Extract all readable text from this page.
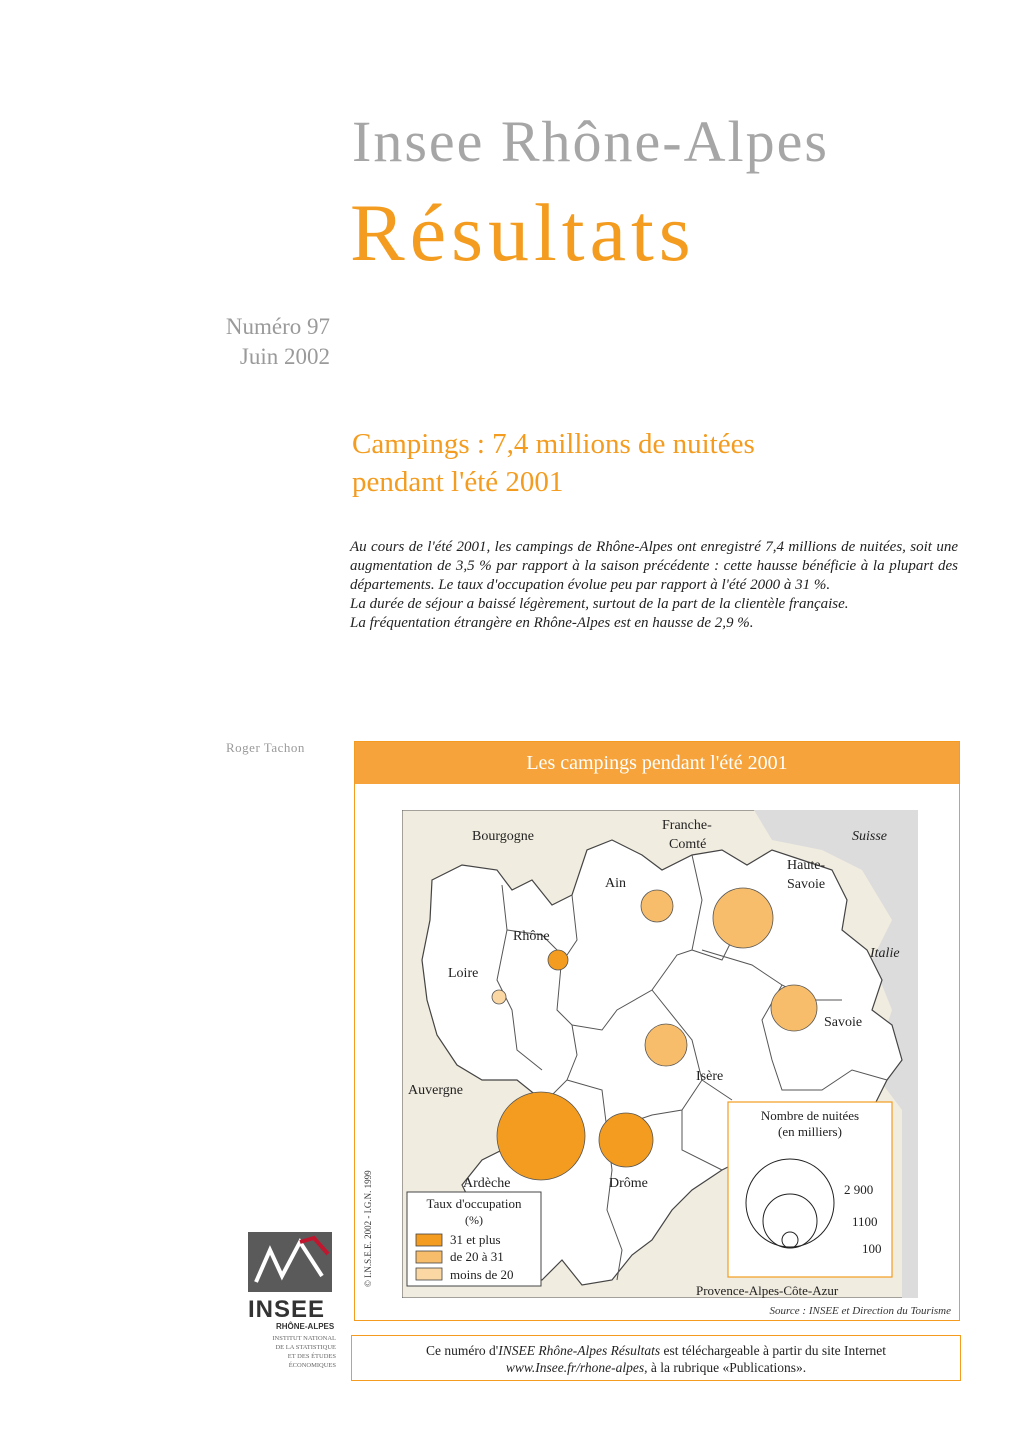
Insee Rhône-Alpes
Résultats
Numéro 97
Juin 2002
Campings : 7,4 millions de nuitées
pendant l'été 2001

Au cours de l'été 2001, les campings de Rhône-Alpes ont enregistré 7,4 millions de nuitées, soit une augmentation de 3,5 % par rapport à la saison précédente : cette hausse bénéficie à la plupart des départements. Le taux d'occupation évolue peu par rapport à l'été 2000 à 31 %.

La durée de séjour a baissé légèrement, surtout de la part de la clientèle française.

La fréquentation étrangère en Rhône-Alpes est en hausse de 2,9 %.

Roger Tachon
Les campings pendant l'été 2001
Bourgogne
Franche-
Comté
Suisse
Italie
Auvergne
Provence-Alpes-Côte-Azur
Ain
Haute-
Savoie
Rhône
Loire
Savoie
Isère
Ardèche	Drôme
Nombre de nuitées
(en milliers)
2 900
1100
100
Taux d'occupation
(%)
31 et plus
de 20 à 31
moins de 20
© I.N.S.E.E. 2002 - I.G.N. 1999
Source : INSEE et Direction du Tourisme
INSEE
RHÔNE-ALPES
INSTITUT NATIONAL
DE LA STATISTIQUE
ET DES ÉTUDES
ÉCONOMIQUES
Ce numéro d'INSEE Rhône-Alpes Résultats est téléchargeable à partir du site Internet
www.Insee.fr/rhone-alpes, à la rubrique «Publications».
